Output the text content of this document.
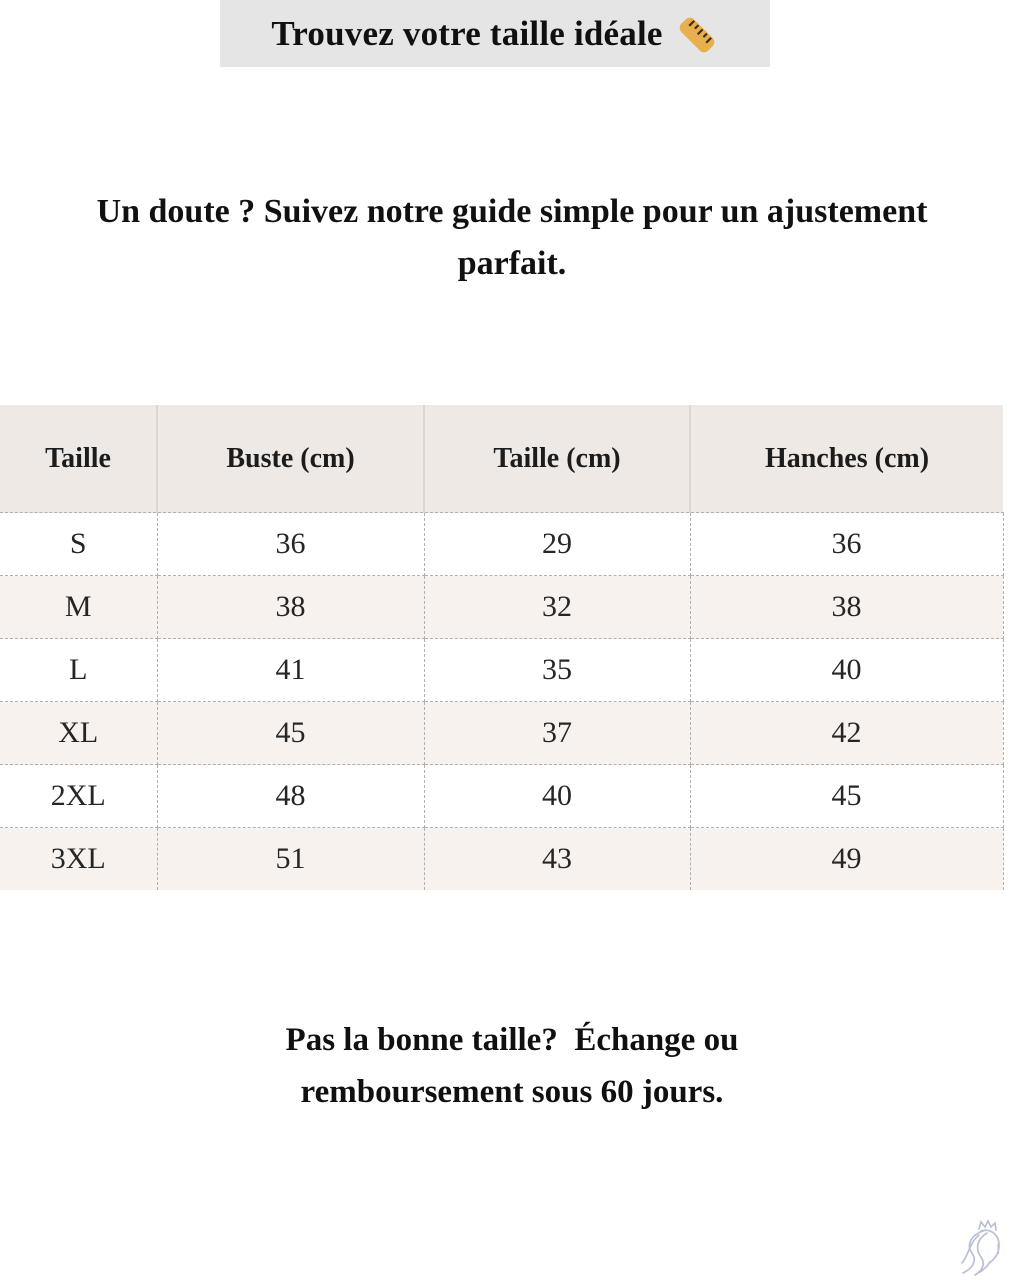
Trouvez votre taille idéale
Un doute ? Suivez notre guide simple pour un ajustement parfait.
Taille	Buste (cm)	Taille (cm)	Hanches (cm)
S	36	29	36
M	38	32	38
L	41	35	40
XL	45	37	42
2XL	48	40	45
3XL	51	43	49
Pas la bonne taille?  Échange ou remboursement sous 60 jours.
